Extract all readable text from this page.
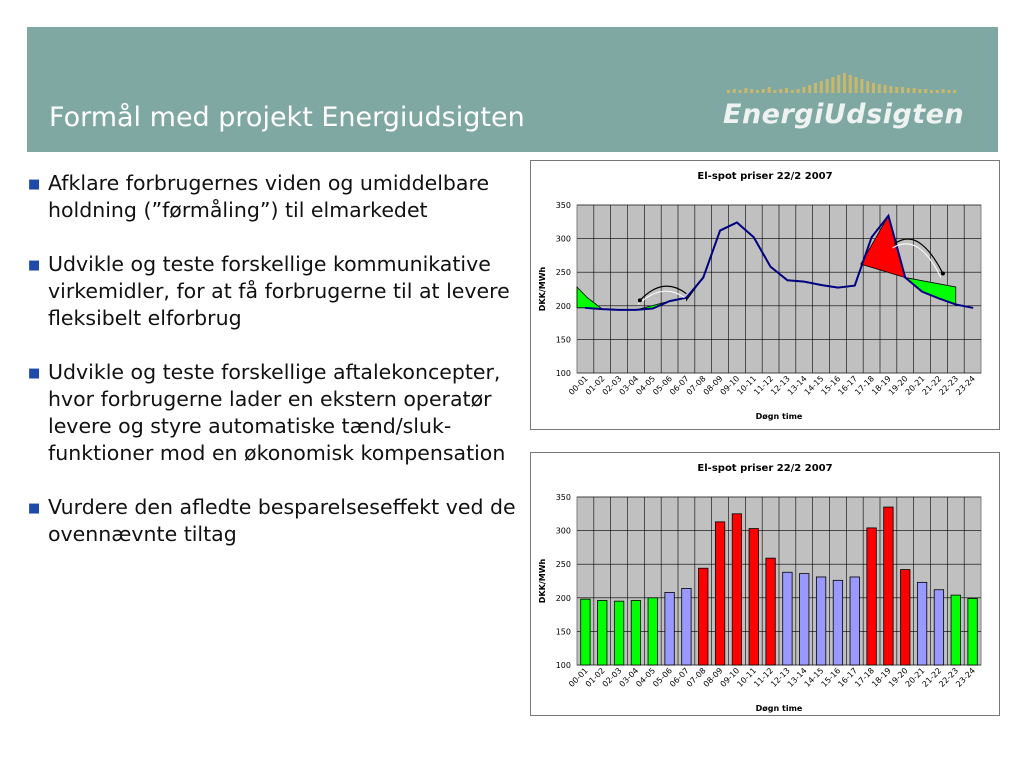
Formål med projekt Energiudsigten	EnergiUdsigten
■ Afklare forbrugernes viden og umiddelbare holdning (”førmåling”) til elmarkedet
■ Udvikle og teste forskellige kommunikative virkemidler, for at få forbrugerne til at levere fleksibelt elforbrug
■ Udvikle og teste forskellige aftalekoncepter, hvor forbrugerne lader en ekstern operatør levere og styre automatiske tænd/sluk-funktioner mod en økonomisk kompensation
■ Vurdere den afledte besparelseseffekt ved de ovennævnte tiltag
El-spot priser 22/2 2007
100
150
200
250
300
350
DKK/MWh
00-01
01-02
02-03
03-04
04-05
05-06
06-07
07-08
08-09
09-10
10-11
11-12
12-13
13-14
14-15
15-16
16-17
17-18
18-19
19-20
20-21
21-22
22-23
23-24
Døgn time
El-spot priser 22/2 2007
100
150
200
250
300
350
DKK/MWh
00-01
01-02
02-03
03-04
04-05
05-06
06-07
07-08
08-09
09-10
10-11
11-12
12-13
13-14
14-15
15-16
16-17
17-18
18-19
19-20
20-21
21-22
22-23
23-24
Døgn time
